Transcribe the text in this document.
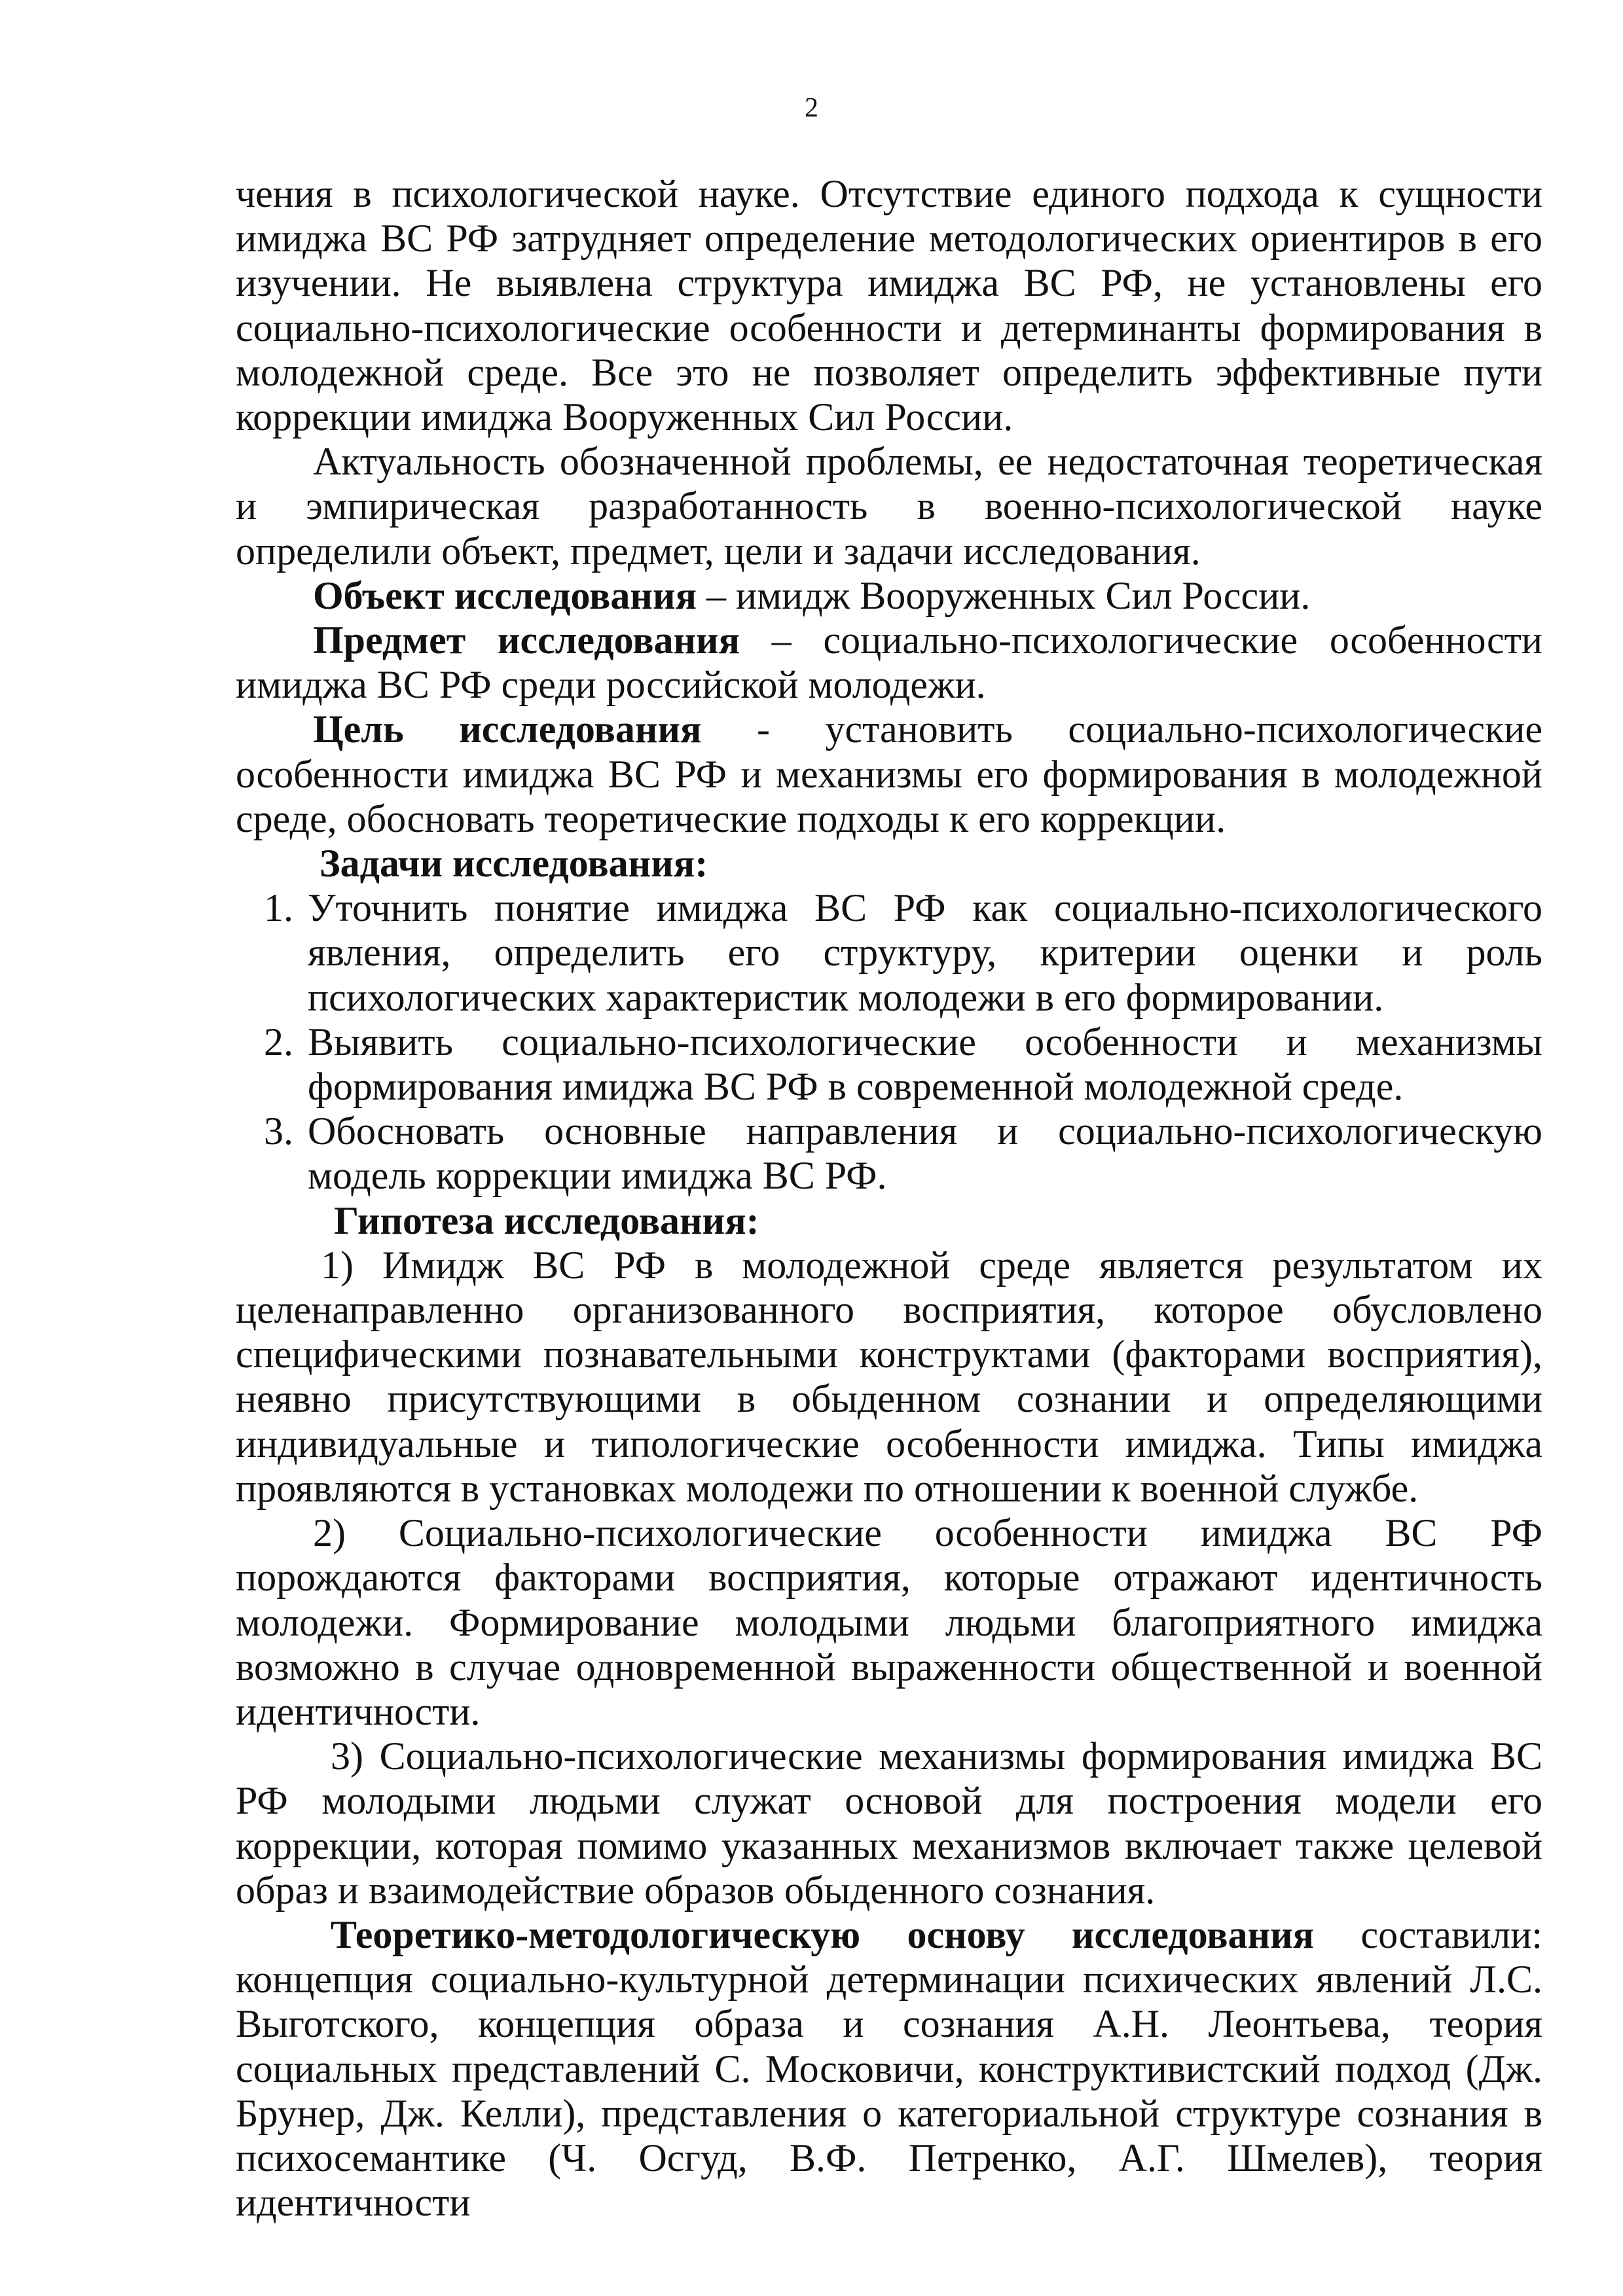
2

чения в психологической науке. Отсутствие единого подхода к сущности имиджа ВС РФ затрудняет определение методологических ориентиров в его изучении. Не выявлена структура имиджа ВС РФ, не установлены его социально-психологические особенности и детерминанты формирования в молодежной среде. Все это не позволяет определить эффективные пути коррекции имиджа Вооруженных Сил России.

Актуальность обозначенной проблемы, ее недостаточная теоретическая и эмпирическая разработанность в военно-психологической науке определили объект, предмет, цели и задачи исследования.

Объект исследования – имидж Вооруженных Сил России.

Предмет исследования – социально-психологические особенности имиджа ВС РФ среди российской молодежи.

Цель исследования - установить социально-психологические особенности имиджа ВС РФ и механизмы его формирования в молодежной среде, обосновать теоретические подходы к его коррекции.

Задачи исследования:

1. Уточнить понятие имиджа ВС РФ как социально-психологического явления, определить его структуру, критерии оценки и роль психологических характеристик молодежи в его формировании.
2. Выявить социально-психологические особенности и механизмы формирования имиджа ВС РФ в современной молодежной среде.
3. Обосновать основные направления и социально-психологическую модель коррекции имиджа ВС РФ.

Гипотеза исследования:

1) Имидж ВС РФ в молодежной среде является результатом их целенаправленно организованного восприятия, которое обусловлено специфическими познавательными конструктами (факторами восприятия), неявно присутствующими в обыденном сознании и определяющими индивидуальные и типологические особенности имиджа. Типы имиджа проявляются в установках молодежи по отношении к военной службе.

2) Социально-психологические особенности имиджа ВС РФ порождаются факторами восприятия, которые отражают идентичность молодежи. Формирование молодыми людьми благоприятного имиджа возможно в случае одновременной выраженности общественной и военной идентичности.

3) Социально-психологические механизмы формирования имиджа ВС РФ молодыми людьми служат основой для построения модели его коррекции, которая помимо указанных механизмов включает также целевой образ и взаимодействие образов обыденного сознания.

Теоретико-методологическую основу исследования составили: концепция социально-культурной детерминации психических явлений Л.С. Выготского, концепция образа и сознания А.Н. Леонтьева, теория социальных представлений С. Московичи, конструктивистский подход (Дж. Брунер, Дж. Келли), представления о категориальной структуре сознания в психосемантике (Ч. Осгуд, В.Ф. Петренко, А.Г. Шмелев), теория идентичности
